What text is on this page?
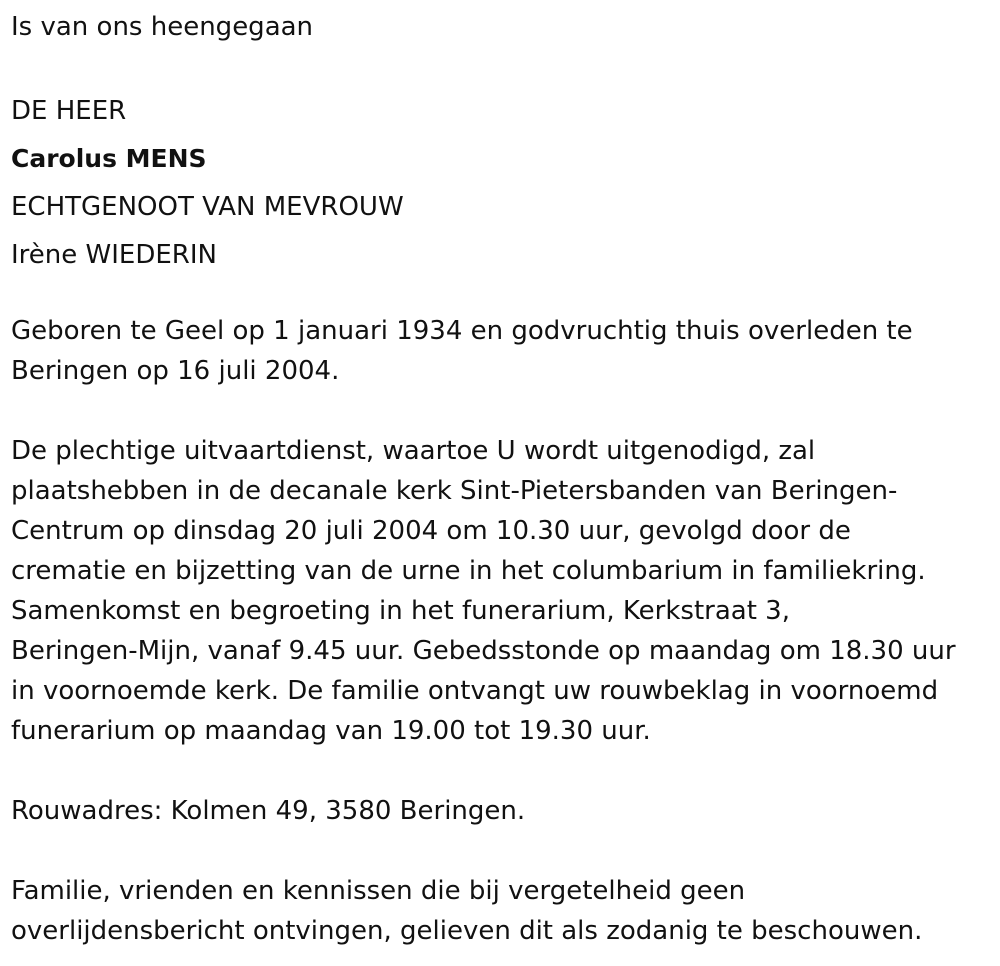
Is van ons heengegaan

DE HEER

Carolus MENS

ECHTGENOOT VAN MEVROUW

Irène WIEDERIN

Geboren te Geel op 1 januari 1934 en godvruchtig thuis overleden te

Beringen op 16 juli 2004.

De plechtige uitvaartdienst, waartoe U wordt uitgenodigd, zal

plaatshebben in de decanale kerk Sint-Pietersbanden van Beringen-

Centrum op dinsdag 20 juli 2004 om 10.30 uur, gevolgd door de

crematie en bijzetting van de urne in het columbarium in familiekring.

Samenkomst en begroeting in het funerarium, Kerkstraat 3,

Beringen-Mijn, vanaf 9.45 uur. Gebedsstonde op maandag om 18.30 uur

in voornoemde kerk. De familie ontvangt uw rouwbeklag in voornoemd

funerarium op maandag van 19.00 tot 19.30 uur.

Rouwadres: Kolmen 49, 3580 Beringen.

Familie, vrienden en kennissen die bij vergetelheid geen

overlijdensbericht ontvingen, gelieven dit als zodanig te beschouwen.
